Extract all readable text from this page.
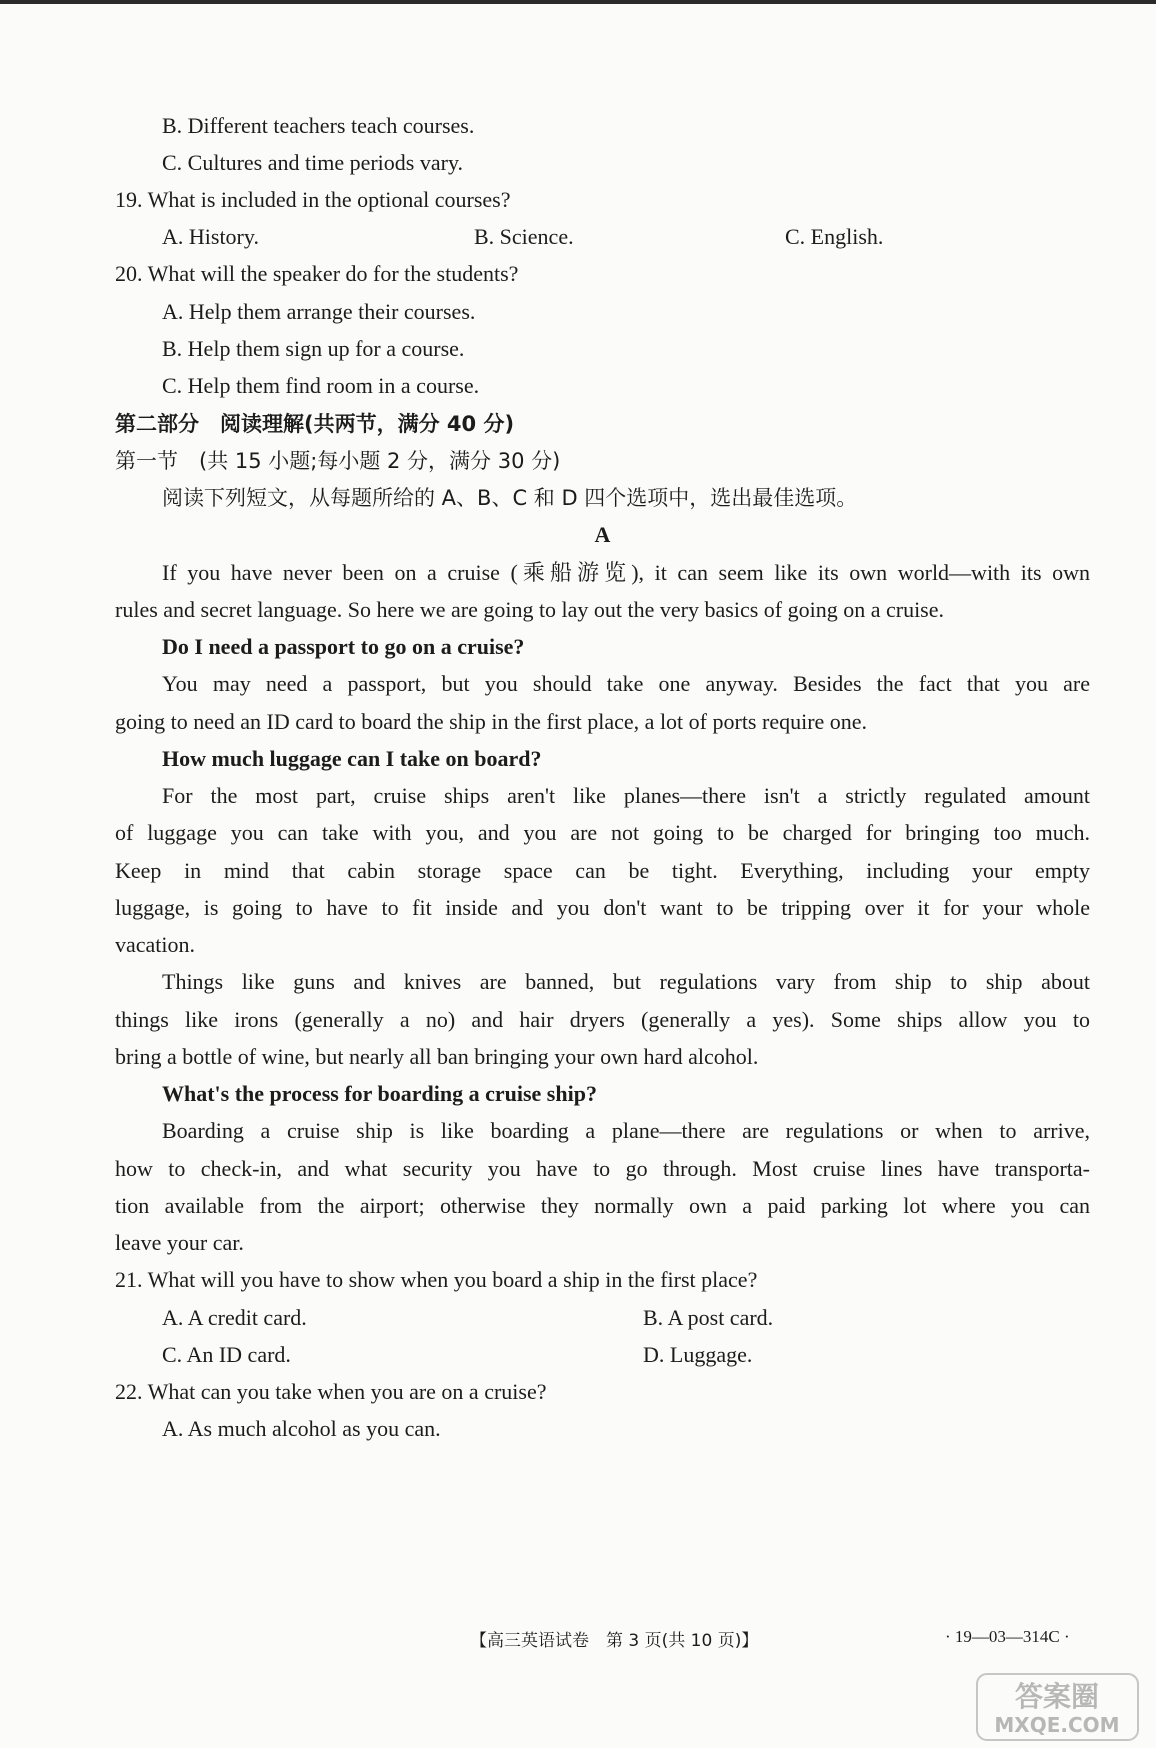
B. Different teachers teach courses.
C. Cultures and time periods vary.
19. What is included in the optional courses?
A. History.	B. Science.	C. English.
20. What will the speaker do for the students?
A. Help them arrange their courses.
B. Help them sign up for a course.
C. Help them find room in a course.
第二部分　阅读理解(共两节，满分 40 分)
第一节　(共 15 小题;每小题 2 分，满分 30 分)
阅读下列短文，从每题所给的 A、B、C 和 D 四个选项中，选出最佳选项。
A
If you have never been on a cruise (乘船游览), it can seem like its own world—with its own
rules and secret language. So here we are going to lay out the very basics of going on a cruise.
Do I need a passport to go on a cruise?
You may need a passport, but you should take one anyway. Besides the fact that you are
going to need an ID card to board the ship in the first place, a lot of ports require one.
How much luggage can I take on board?
For the most part, cruise ships aren't like planes—there isn't a strictly regulated amount
of luggage you can take with you, and you are not going to be charged for bringing too much.
Keep in mind that cabin storage space can be tight. Everything, including your empty
luggage, is going to have to fit inside and you don't want to be tripping over it for your whole
vacation.
Things like guns and knives are banned, but regulations vary from ship to ship about
things like irons (generally a no) and hair dryers (generally a yes). Some ships allow you to
bring a bottle of wine, but nearly all ban bringing your own hard alcohol.
What's the process for boarding a cruise ship?
Boarding a cruise ship is like boarding a plane—there are regulations or when to arrive,
how to check-in, and what security you have to go through. Most cruise lines have transporta-
tion available from the airport; otherwise they normally own a paid parking lot where you can
leave your car.
21. What will you have to show when you board a ship in the first place?
A. A credit card.	B. A post card.
C. An ID card.	D. Luggage.
22. What can you take when you are on a cruise?
A. As much alcohol as you can.
【高三英语试卷　第 3 页(共 10 页)】	· 19—03—314C ·
答案圈
MXQE.COM
